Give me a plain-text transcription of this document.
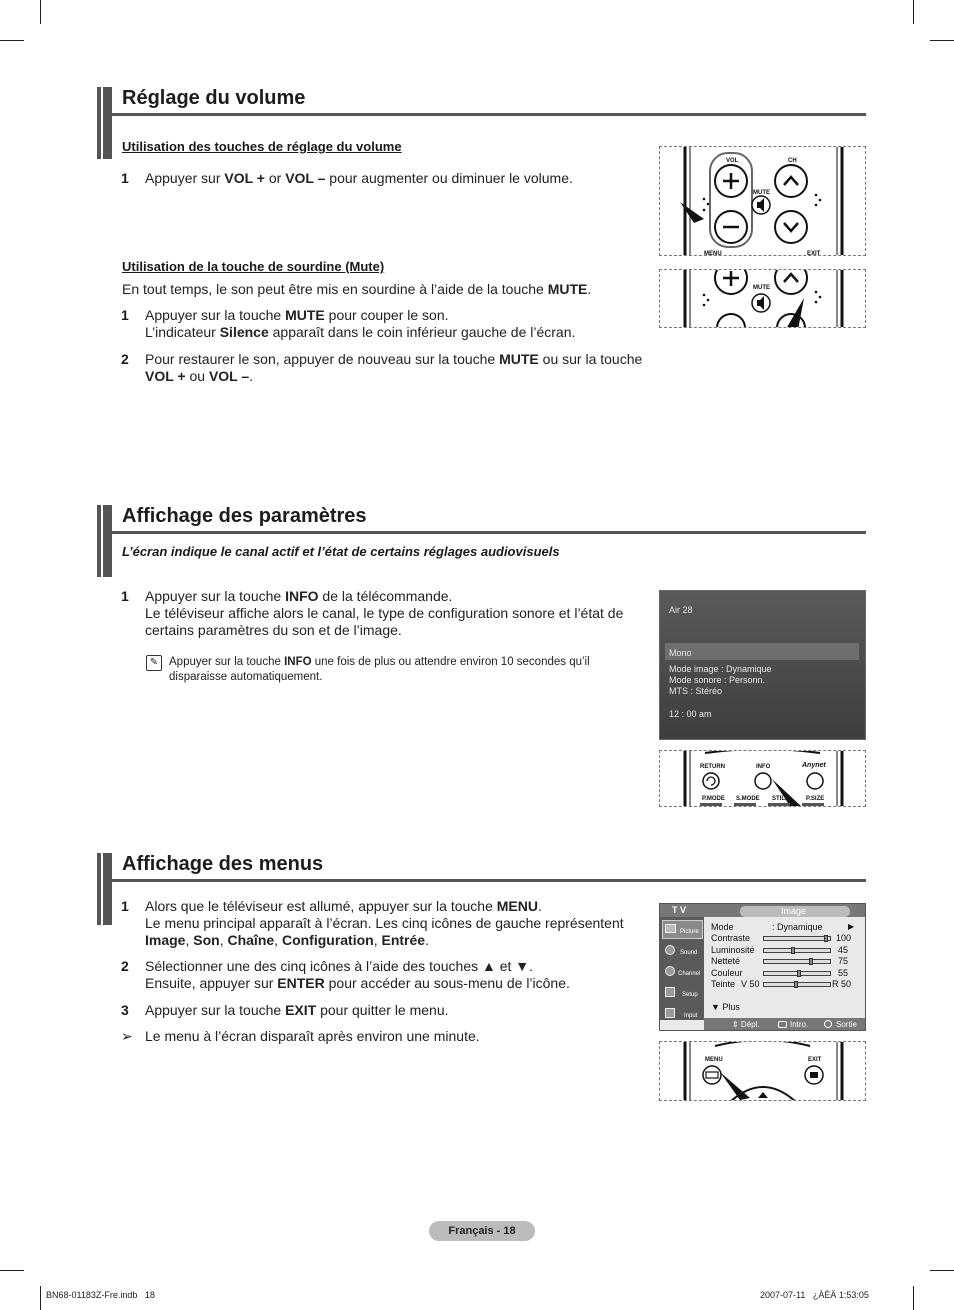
Réglage du volume
Utilisation des touches de réglage du volume
1 Appuyer sur VOL + or VOL – pour augmenter ou diminuer le volume.
Utilisation de la touche de sourdine (Mute)
En tout temps, le son peut être mis en sourdine à l’aide de la touche MUTE.
1 Appuyer sur la touche MUTE pour couper le son.
L’indicateur Silence apparaît dans le coin inférieur gauche de l’écran.
2 Pour restaurer le son, appuyer de nouveau sur la touche MUTE ou sur la touche
VOL + ou VOL –.
VOL	CH
MUTE
MENU	EXIT
MUTE
Affichage des paramètres
L’écran indique le canal actif et l’état de certains réglages audiovisuels
1 Appuyer sur la touche INFO de la télécommande.
Le téléviseur affiche alors le canal, le type de configuration sonore et l’état de
certains paramètres du son et de l’image.
✎ Appuyer sur la touche INFO une fois de plus ou attendre environ 10 secondes qu’il
disparaisse automatiquement.
Air 28
Mono
Mode image : Dynamique
Mode sonore : Personn.
MTS : Stéréo
12 : 00 am
RETURN	INFO	Anynet
P.MODE S.MODE STILL	P.SIZE
Affichage des menus
1 Alors que le téléviseur est allumé, appuyer sur la touche MENU.
Le menu principal apparaît à l’écran. Les cinq icônes de gauche représentent
Image, Son, Chaîne, Configuration, Entrée.
2 Sélectionner une des cinq icônes à l’aide des touches ▲ et ▼.
Ensuite, appuyer sur ENTER pour accéder au sous-menu de l’icône.
3 Appuyer sur la touche EXIT pour quitter le menu.
➢ Le menu à l’écran disparaît après environ une minute.
T V	Image
Picture
Sound
Channel
Setup
Input
Mode	: Dynamique	▶
Contraste	100
Luminosité	45
Netteté	75
Couleur	55
Teinte V 50	R 50
▼ Plus
⇕ Dépl.	Intro.	Sortie
MENU	EXIT
Français - 18
BN68-01183Z-Fre.indb   18	2007-07-11   ¿ÀÈÄ 1:53:05
